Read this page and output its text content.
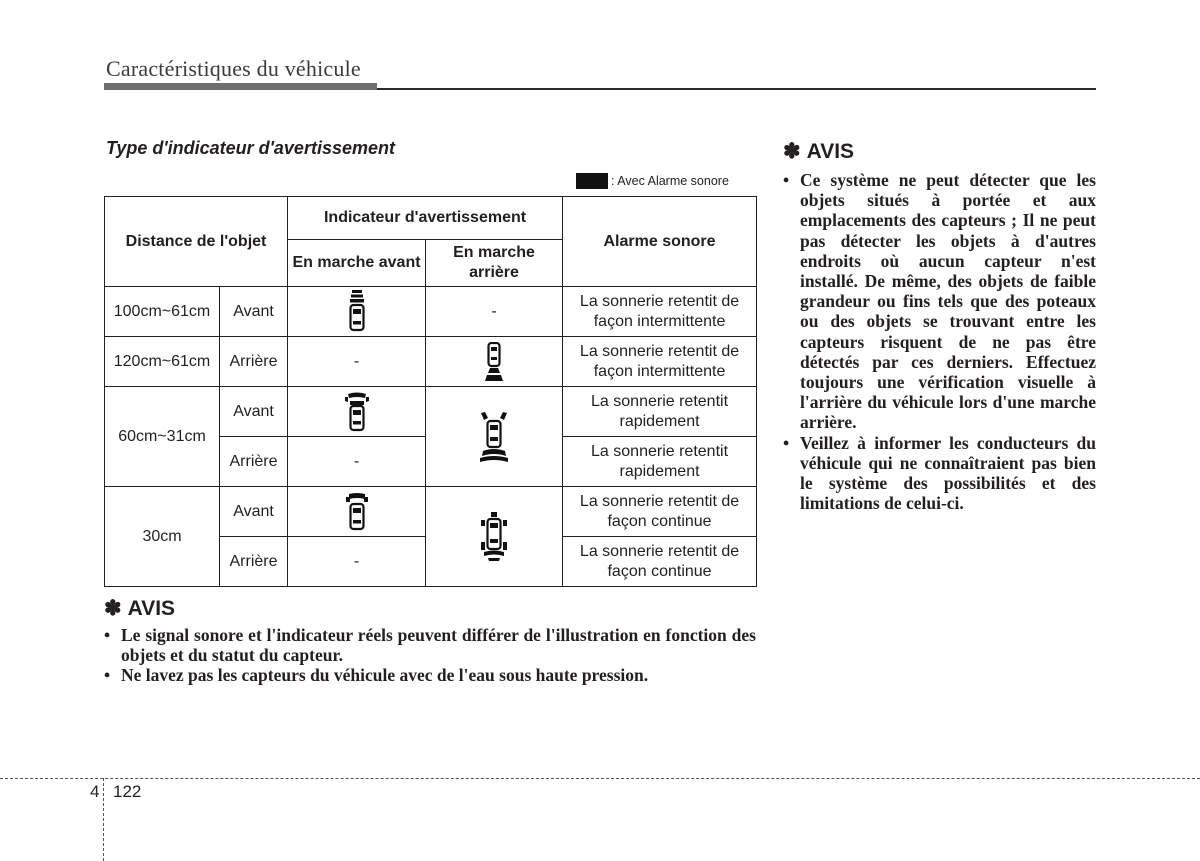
Caractéristiques du véhicule
Type d'indicateur d'avertissement
: Avec Alarme sonore
Distance de l'objet		Indicateur d'avertissement		Alarme sonore
		En marche avant	En marche arrière	
100cm~61cm	Avant		-	La sonnerie retentit de façon intermittente
120cm~61cm	Arrière	-		La sonnerie retentit de façon intermittente
60cm~31cm	Avant			La sonnerie retentit rapidement
	Arrière	-		La sonnerie retentit rapidement
30cm	Avant			La sonnerie retentit de façon continue
	Arrière	-		La sonnerie retentit de façon continue
✽ AVIS
• Le signal sonore et l'indicateur réels peuvent différer de l'illustration en fonction des objets et du statut du capteur.
• Ne lavez pas les capteurs du véhicule avec de l'eau sous haute pression.
✽ AVIS
• Ce système ne peut détecter que les objets situés à portée et aux emplacements des capteurs ; Il ne peut pas détecter les objets à d'autres endroits où aucun capteur n'est installé. De même, des objets de faible grandeur ou fins tels que des poteaux ou des objets se trouvant entre les capteurs risquent de ne pas être détectés par ces derniers. Effectuez toujours une vérification visuelle à l'arrière du véhicule lors d'une marche arrière.
• Veillez à informer les conducteurs du véhicule qui ne connaîtraient pas bien le système des possibilités et des limitations de celui-ci.
4 122
